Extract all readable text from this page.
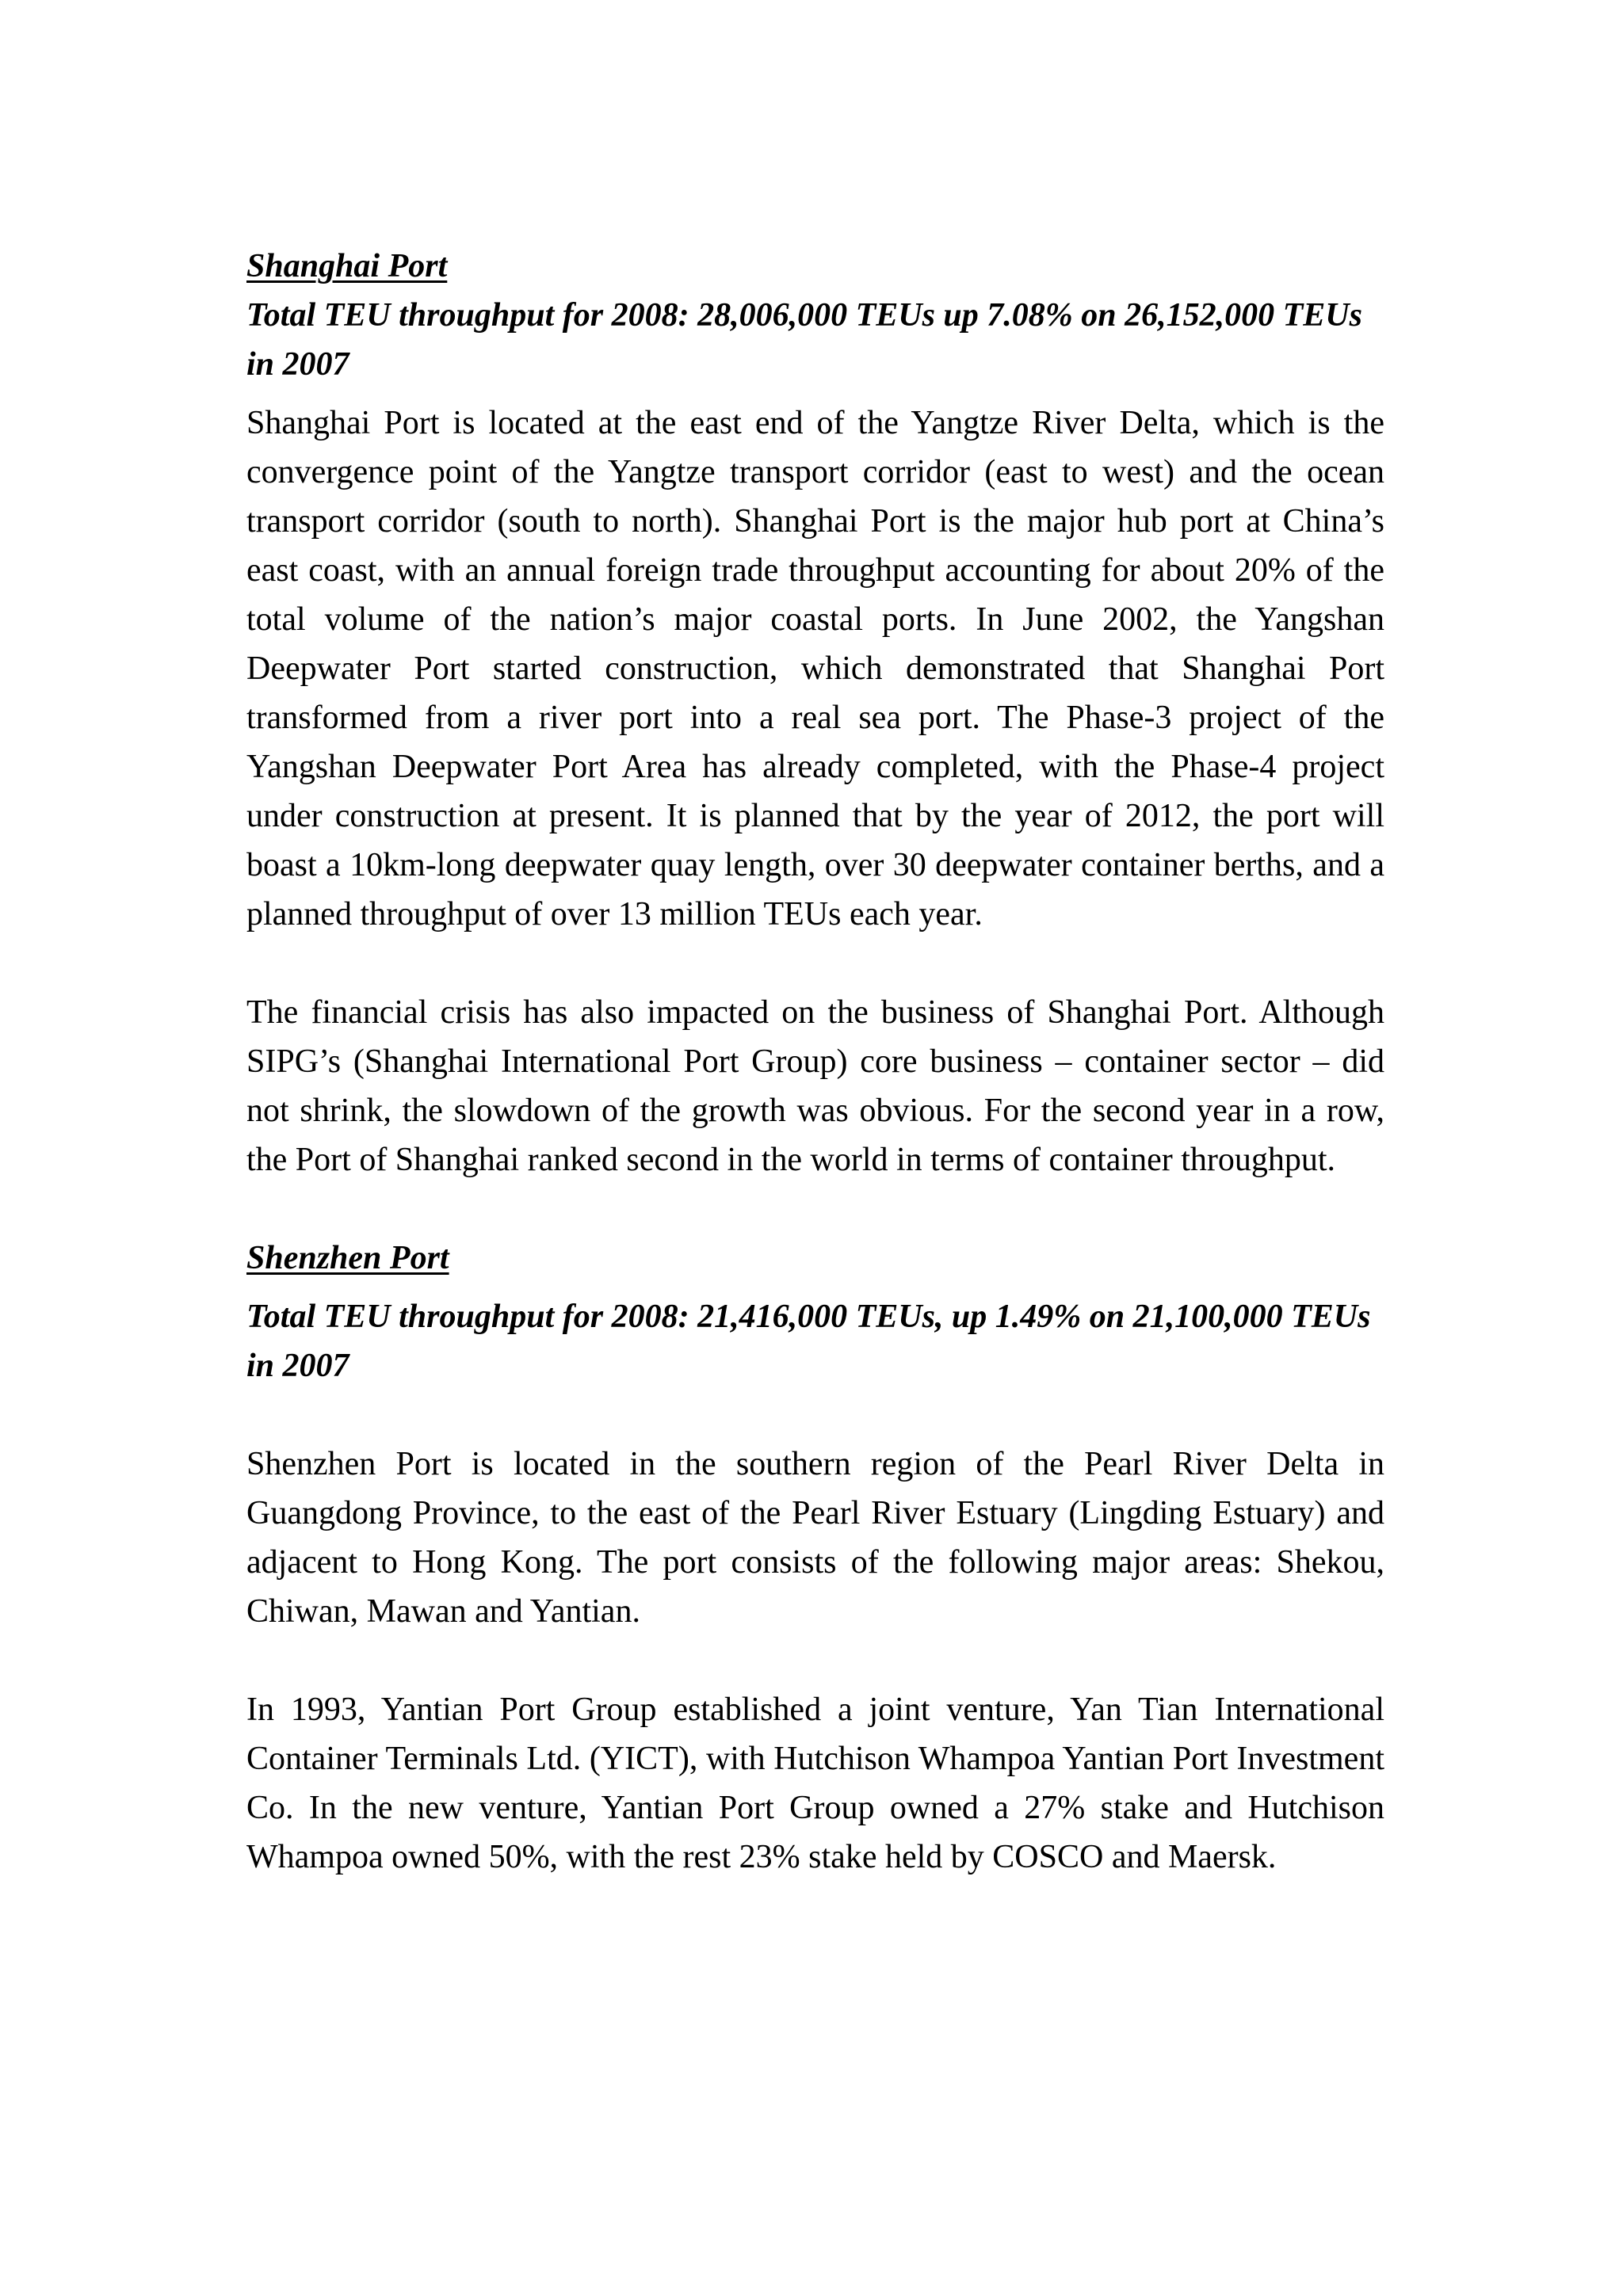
Shanghai Port
Total TEU throughput for 2008: 28,006,000 TEUs up 7.08% on 26,152,000 TEUs in 2007

Shanghai Port is located at the east end of the Yangtze River Delta, which is the convergence point of the Yangtze transport corridor (east to west) and the ocean transport corridor (south to north). Shanghai Port is the major hub port at China’s east coast, with an annual foreign trade throughput accounting for about 20% of the total volume of the nation’s major coastal ports. In June 2002, the Yangshan Deepwater Port started construction, which demonstrated that Shanghai Port transformed from a river port into a real sea port. The Phase-3 project of the Yangshan Deepwater Port Area has already completed, with the Phase-4 project under construction at present. It is planned that by the year of 2012, the port will boast a 10km-long deepwater quay length, over 30 deepwater container berths, and a planned throughput of over 13 million TEUs each year.

The financial crisis has also impacted on the business of Shanghai Port. Although SIPG’s (Shanghai International Port Group) core business – container sector – did not shrink, the slowdown of the growth was obvious. For the second year in a row, the Port of Shanghai ranked second in the world in terms of container throughput.

Shenzhen Port
Total TEU throughput for 2008: 21,416,000 TEUs, up 1.49% on 21,100,000 TEUs in 2007

Shenzhen Port is located in the southern region of the Pearl River Delta in Guangdong Province, to the east of the Pearl River Estuary (Lingding Estuary) and adjacent to Hong Kong. The port consists of the following major areas: Shekou, Chiwan, Mawan and Yantian.

In 1993, Yantian Port Group established a joint venture, Yan Tian International Container Terminals Ltd. (YICT), with Hutchison Whampoa Yantian Port Investment Co. In the new venture, Yantian Port Group owned a 27% stake and Hutchison Whampoa owned 50%, with the rest 23% stake held by COSCO and Maersk.
